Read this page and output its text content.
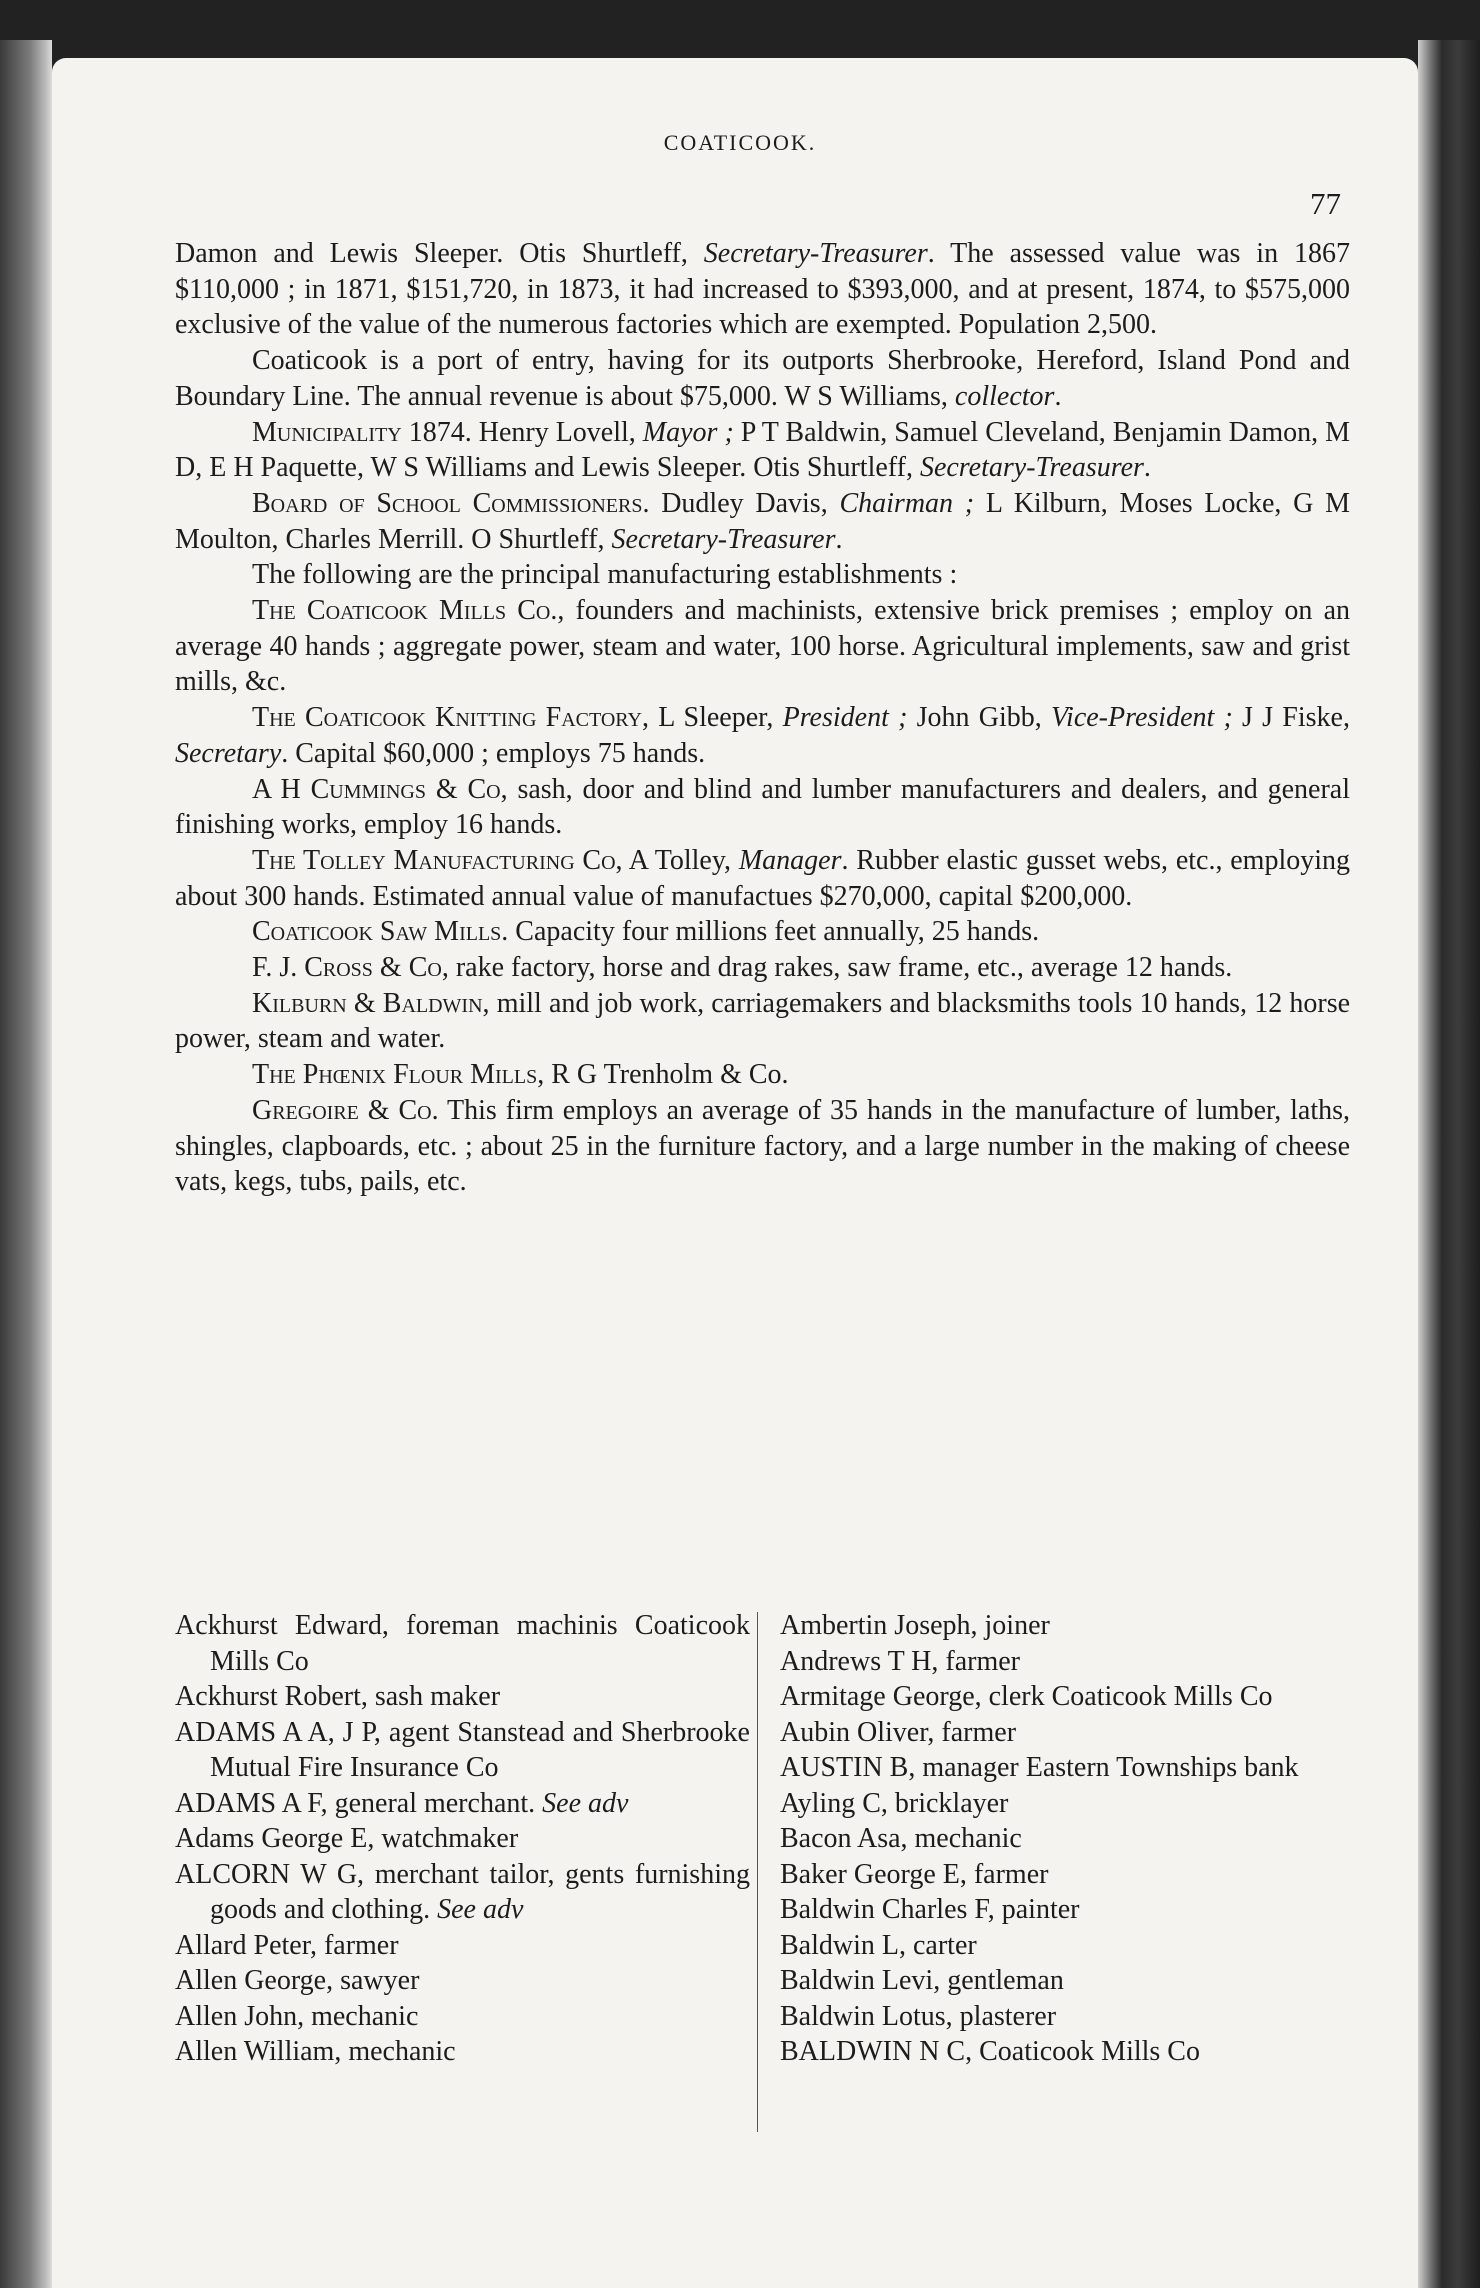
COATICOOK.
77

Damon and Lewis Sleeper. Otis Shurtleff, Secretary-Treasurer. The assessed value was in 1867 $110,000 ; in 1871, $151,720, in 1873, it had increased to $393,000, and at present, 1874, to $575,000 exclusive of the value of the numerous factories which are exempted. Population 2,500.

Coaticook is a port of entry, having for its outports Sherbrooke, Hereford, Island Pond and Boundary Line. The annual revenue is about $75,000. W S Williams, collector.

Municipality 1874. Henry Lovell, Mayor ; P T Baldwin, Samuel Cleveland, Benjamin Damon, M D, E H Paquette, W S Williams and Lewis Sleeper. Otis Shurtleff, Secretary-Treasurer.

Board of School Commissioners. Dudley Davis, Chairman ; L Kilburn, Moses Locke, G M Moulton, Charles Merrill. O Shurtleff, Secretary-Treasurer.

The following are the principal manufacturing establishments :

The Coaticook Mills Co., founders and machinists, extensive brick premises ; employ on an average 40 hands ; aggregate power, steam and water, 100 horse. Agricultural implements, saw and grist mills, &c.

The Coaticook Knitting Factory, L Sleeper, President ; John Gibb, Vice-President ; J J Fiske, Secretary. Capital $60,000 ; employs 75 hands.

A H Cummings & Co, sash, door and blind and lumber manufacturers and dealers, and general finishing works, employ 16 hands.

The Tolley Manufacturing Co, A Tolley, Manager. Rubber elastic gusset webs, etc., employing about 300 hands. Estimated annual value of manufactues $270,000, capital $200,000.

Coaticook Saw Mills. Capacity four millions feet annually, 25 hands.

F. J. Cross & Co, rake factory, horse and drag rakes, saw frame, etc., average 12 hands.

Kilburn & Baldwin, mill and job work, carriagemakers and blacksmiths tools 10 hands, 12 horse power, steam and water.

The Phœnix Flour Mills, R G Trenholm & Co.

Gregoire & Co. This firm employs an average of 35 hands in the manufacture of lumber, laths, shingles, clapboards, etc. ; about 25 in the furniture factory, and a large number in the making of cheese vats, kegs, tubs, pails, etc.

Ackhurst Edward, foreman machinis Coaticook Mills Co
Ackhurst Robert, sash maker
ADAMS A A, J P, agent Stanstead and Sherbrooke Mutual Fire Insurance Co
ADAMS A F, general merchant. See adv
Adams George E, watchmaker
ALCORN W G, merchant tailor, gents furnishing goods and clothing. See adv
Allard Peter, farmer
Allen George, sawyer
Allen John, mechanic
Allen William, mechanic
Ambertin Joseph, joiner
Andrews T H, farmer
Armitage George, clerk Coaticook Mills Co
Aubin Oliver, farmer
AUSTIN B, manager Eastern Townships bank
Ayling C, bricklayer
Bacon Asa, mechanic
Baker George E, farmer
Baldwin Charles F, painter
Baldwin L, carter
Baldwin Levi, gentleman
Baldwin Lotus, plasterer
BALDWIN N C, Coaticook Mills Co
